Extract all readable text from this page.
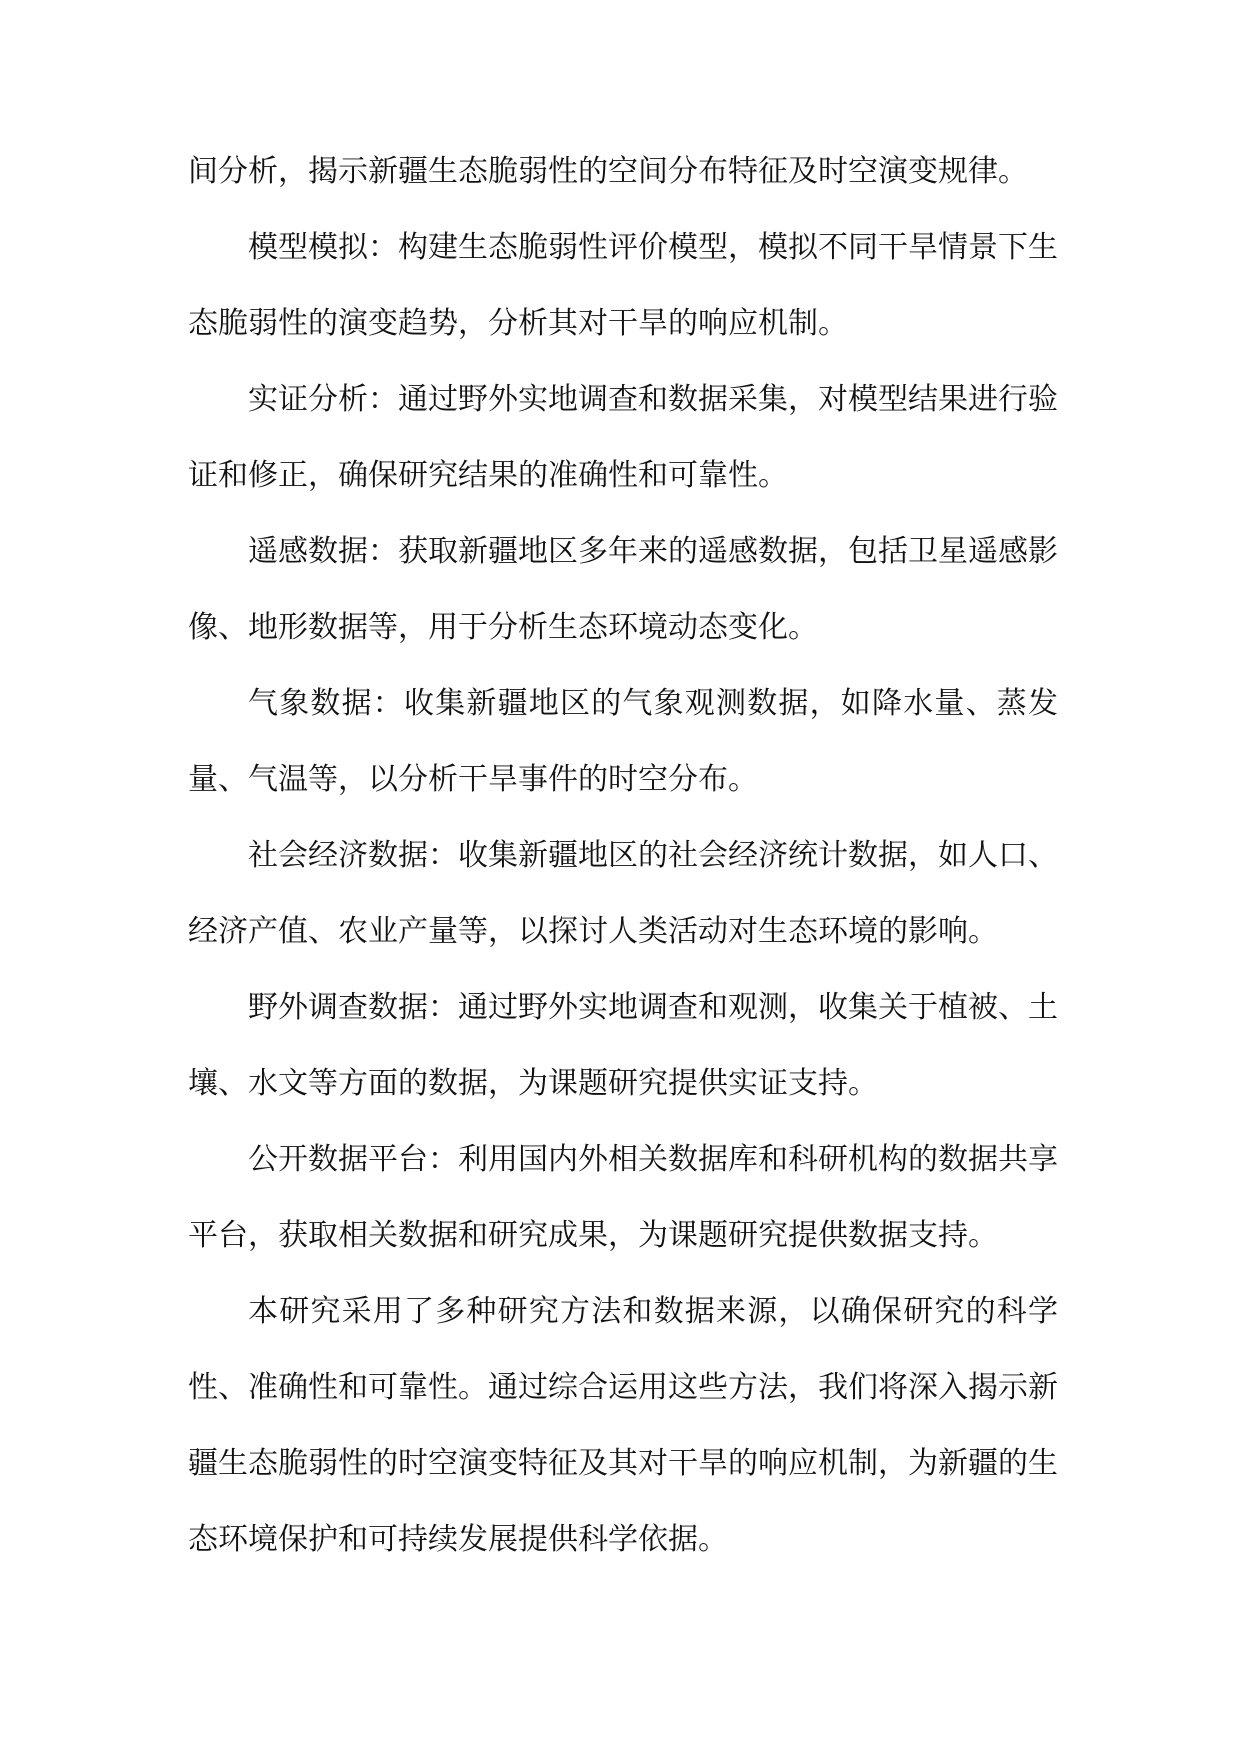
间分析，揭示新疆生态脆弱性的空间分布特征及时空演变规律。

模型模拟：构建生态脆弱性评价模型，模拟不同干旱情景下生态脆弱性的演变趋势，分析其对干旱的响应机制。

实证分析：通过野外实地调查和数据采集，对模型结果进行验证和修正，确保研究结果的准确性和可靠性。

遥感数据：获取新疆地区多年来的遥感数据，包括卫星遥感影像、地形数据等，用于分析生态环境动态变化。

气象数据：收集新疆地区的气象观测数据，如降水量、蒸发量、气温等，以分析干旱事件的时空分布。

社会经济数据：收集新疆地区的社会经济统计数据，如人口、经济产值、农业产量等，以探讨人类活动对生态环境的影响。

野外调查数据：通过野外实地调查和观测，收集关于植被、土壤、水文等方面的数据，为课题研究提供实证支持。

公开数据平台：利用国内外相关数据库和科研机构的数据共享平台，获取相关数据和研究成果，为课题研究提供数据支持。

本研究采用了多种研究方法和数据来源，以确保研究的科学性、准确性和可靠性。通过综合运用这些方法，我们将深入揭示新疆生态脆弱性的时空演变特征及其对干旱的响应机制，为新疆的生态环境保护和可持续发展提供科学依据。
